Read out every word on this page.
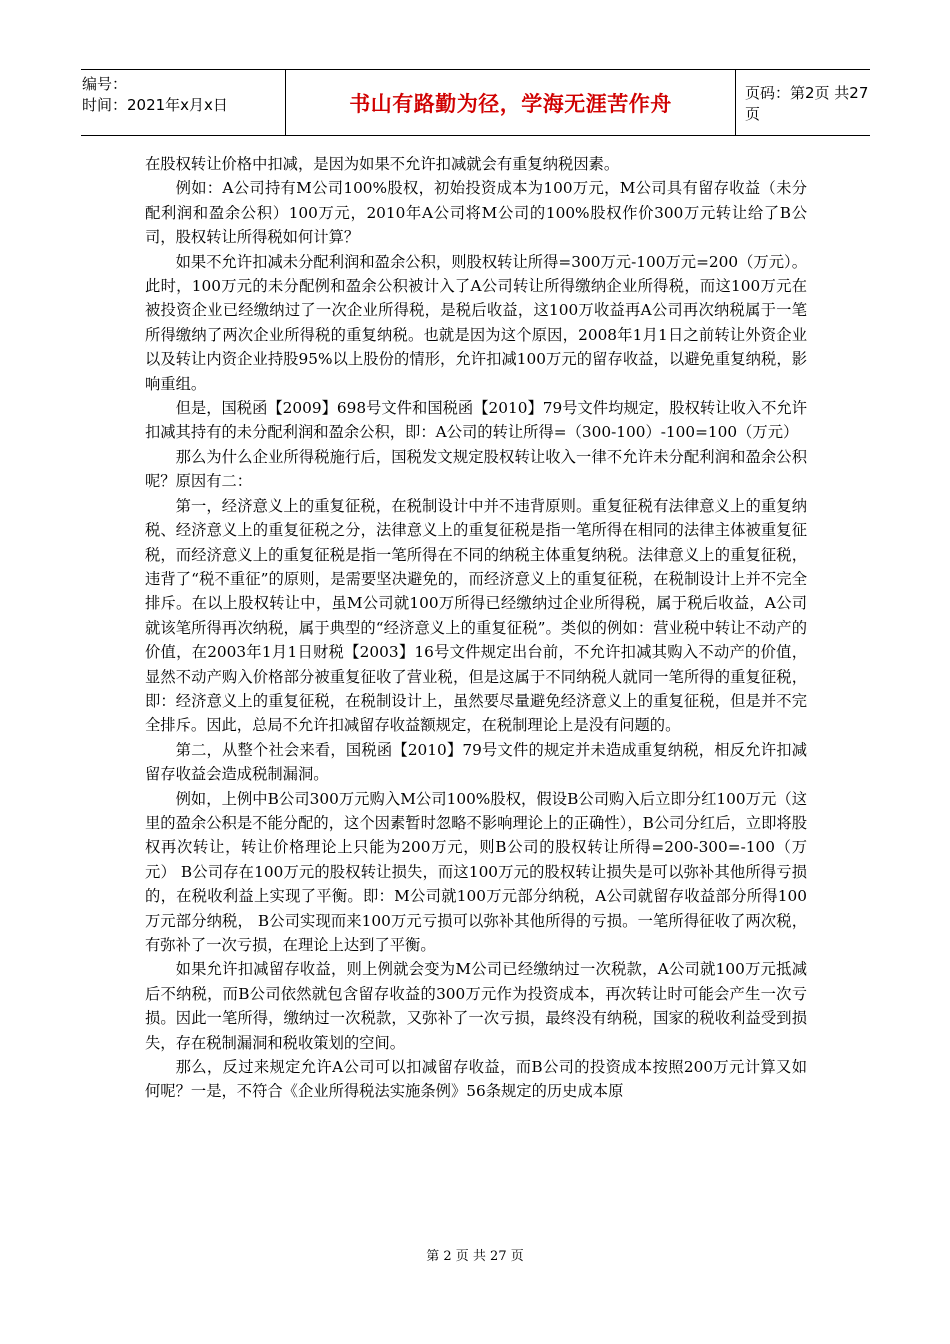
编号：
时间：2021年x月x日	书山有路勤为径，学海无涯苦作舟	页码：第2页 共27页

在股权转让价格中扣减，是因为如果不允许扣减就会有重复纳税因素。

例如：A公司持有M公司100%股权，初始投资成本为100万元，M公司具有留存收益（未分配利润和盈余公积）100万元，2010年A公司将M公司的100%股权作价300万元转让给了B公司，股权转让所得税如何计算？

如果不允许扣减未分配利润和盈余公积，则股权转让所得=300万元-100万元=200（万元）。此时，100万元的未分配例和盈余公积被计入了A公司转让所得缴纳企业所得税，而这100万元在被投资企业已经缴纳过了一次企业所得税，是税后收益，这100万收益再A公司再次纳税属于一笔所得缴纳了两次企业所得税的重复纳税。也就是因为这个原因，2008年1月1日之前转让外资企业以及转让内资企业持股95%以上股份的情形，允许扣减100万元的留存收益，以避免重复纳税，影响重组。

但是，国税函【2009】698号文件和国税函【2010】79号文件均规定，股权转让收入不允许扣减其持有的未分配利润和盈余公积，即：A公司的转让所得=（300-100）-100=100（万元）

那么为什么企业所得税施行后，国税发文规定股权转让收入一律不允许未分配利润和盈余公积呢？原因有二：

第一，经济意义上的重复征税，在税制设计中并不违背原则。重复征税有法律意义上的重复纳税、经济意义上的重复征税之分，法律意义上的重复征税是指一笔所得在相同的法律主体被重复征税，而经济意义上的重复征税是指一笔所得在不同的纳税主体重复纳税。法律意义上的重复征税，违背了“税不重征”的原则，是需要坚决避免的，而经济意义上的重复征税，在税制设计上并不完全排斥。在以上股权转让中，虽M公司就100万所得已经缴纳过企业所得税，属于税后收益，A公司就该笔所得再次纳税，属于典型的“经济意义上的重复征税”。类似的例如：营业税中转让不动产的价值，在2003年1月1日财税【2003】16号文件规定出台前，不允许扣减其购入不动产的价值，显然不动产购入价格部分被重复征收了营业税，但是这属于不同纳税人就同一笔所得的重复征税，即：经济意义上的重复征税，在税制设计上，虽然要尽量避免经济意义上的重复征税，但是并不完全排斥。因此，总局不允许扣减留存收益额规定，在税制理论上是没有问题的。

第二，从整个社会来看，国税函【2010】79号文件的规定并未造成重复纳税，相反允许扣减留存收益会造成税制漏洞。

例如，上例中B公司300万元购入M公司100%股权，假设B公司购入后立即分红100万元（这里的盈余公积是不能分配的，这个因素暂时忽略不影响理论上的正确性），B公司分红后，立即将股权再次转让，转让价格理论上只能为200万元，则B公司的股权转让所得=200-300=-100（万元） B公司存在100万元的股权转让损失，而这100万元的股权转让损失是可以弥补其他所得亏损的，在税收利益上实现了平衡。即：M公司就100万元部分纳税，A公司就留存收益部分所得100万元部分纳税， B公司实现而来100万元亏损可以弥补其他所得的亏损。一笔所得征收了两次税，有弥补了一次亏损，在理论上达到了平衡。

如果允许扣减留存收益，则上例就会变为M公司已经缴纳过一次税款，A公司就100万元抵减后不纳税，而B公司依然就包含留存收益的300万元作为投资成本，再次转让时可能会产生一次亏损。因此一笔所得，缴纳过一次税款，又弥补了一次亏损，最终没有纳税，国家的税收利益受到损失，存在税制漏洞和税收策划的空间。

那么，反过来规定允许A公司可以扣减留存收益，而B公司的投资成本按照200万元计算又如何呢？一是，不符合《企业所得税法实施条例》56条规定的历史成本原

第 2 页 共 27 页
